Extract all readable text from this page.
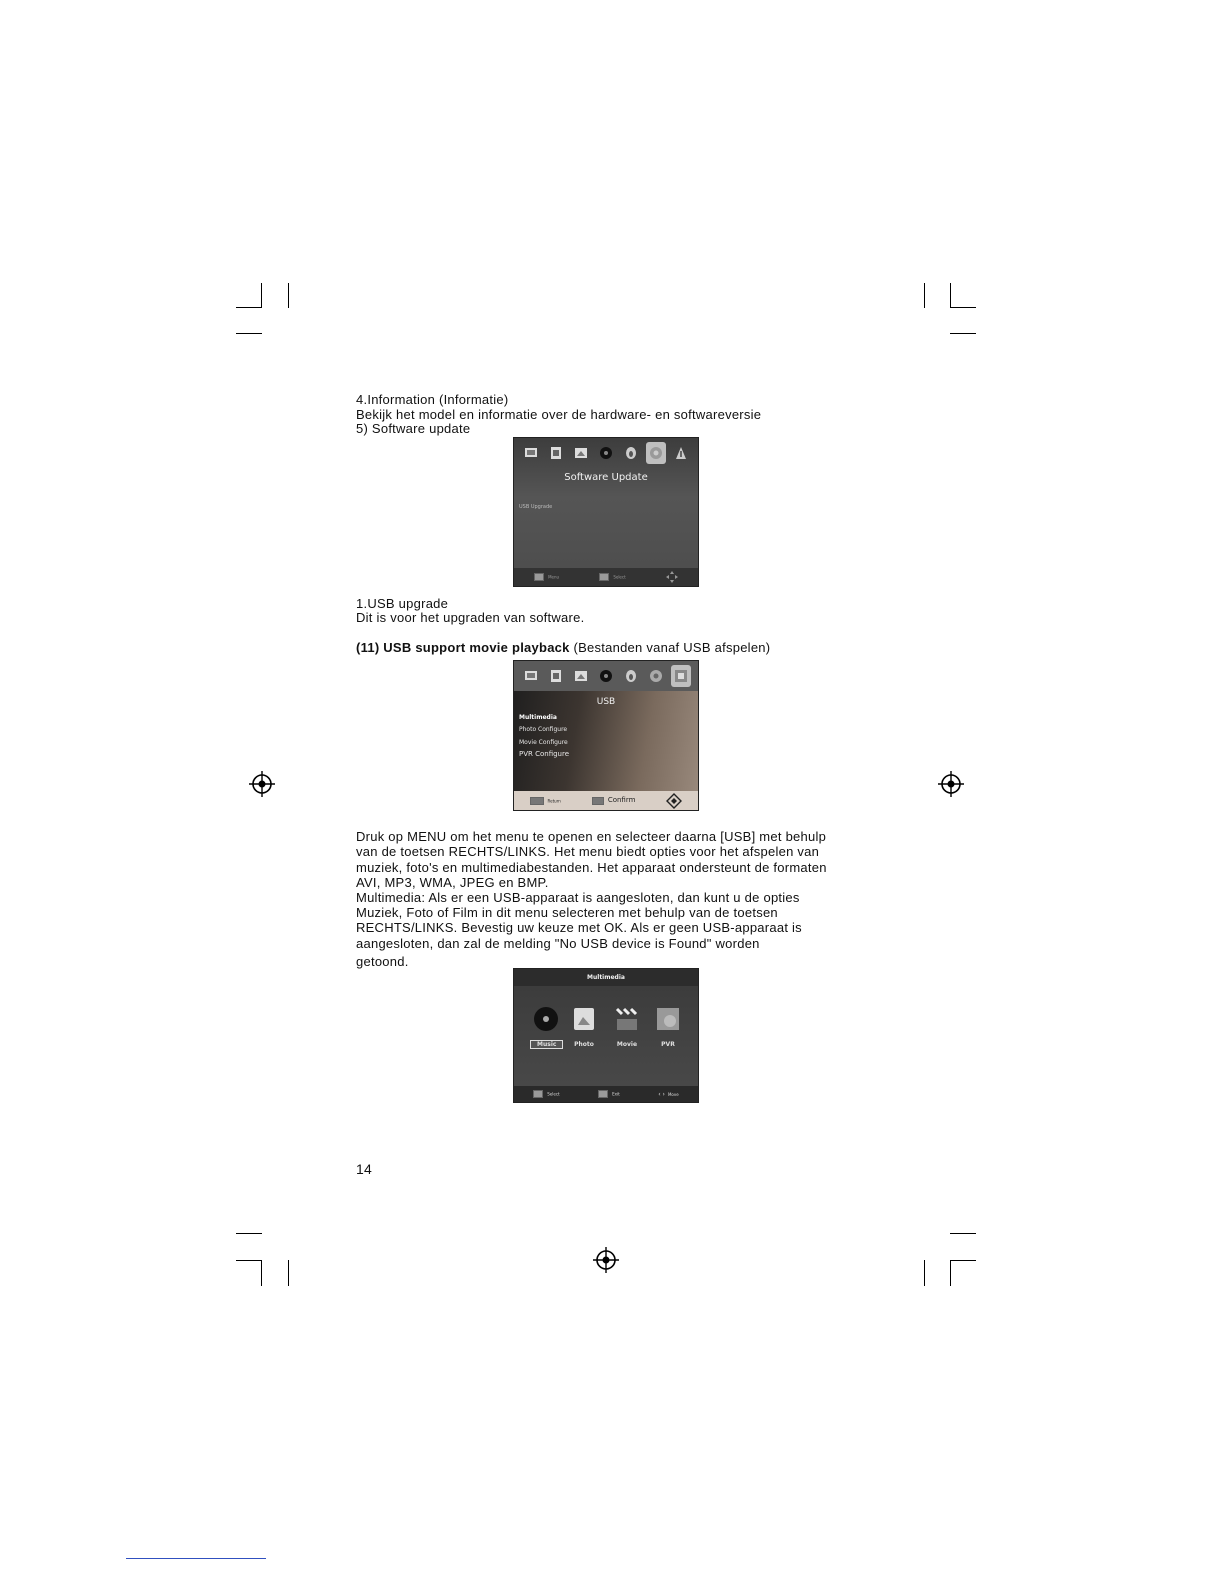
4.Information (Informatie)
Bekijk het model en informatie over de hardware- en softwareversie
5) Software update
Software Update
USB Upgrade
Menu	Select
1.USB upgrade
Dit is voor het upgraden van software.
(11) USB support movie playback (Bestanden vanaf USB afspelen)
USB
Multimedia
Photo Configure
Movie Configure
PVR Configure
Return	Confirm
Druk op MENU om het menu te openen en selecteer daarna [USB] met behulp
van de toetsen RECHTS/LINKS. Het menu biedt opties voor het afspelen van
muziek, foto's en multimediabestanden. Het apparaat ondersteunt de formaten
AVI, MP3, WMA, JPEG en BMP.
Multimedia: Als er een USB-apparaat is aangesloten, dan kunt u de opties
Muziek, Foto of Film in dit menu selecteren met behulp van de toetsen
RECHTS/LINKS. Bevestig uw keuze met OK. Als er geen USB-apparaat is
aangesloten, dan zal de melding "No USB device is Found" worden
getoond.
Multimedia
Music	Photo	Movie	PVR
Select	Exit	‹ › Move
14
